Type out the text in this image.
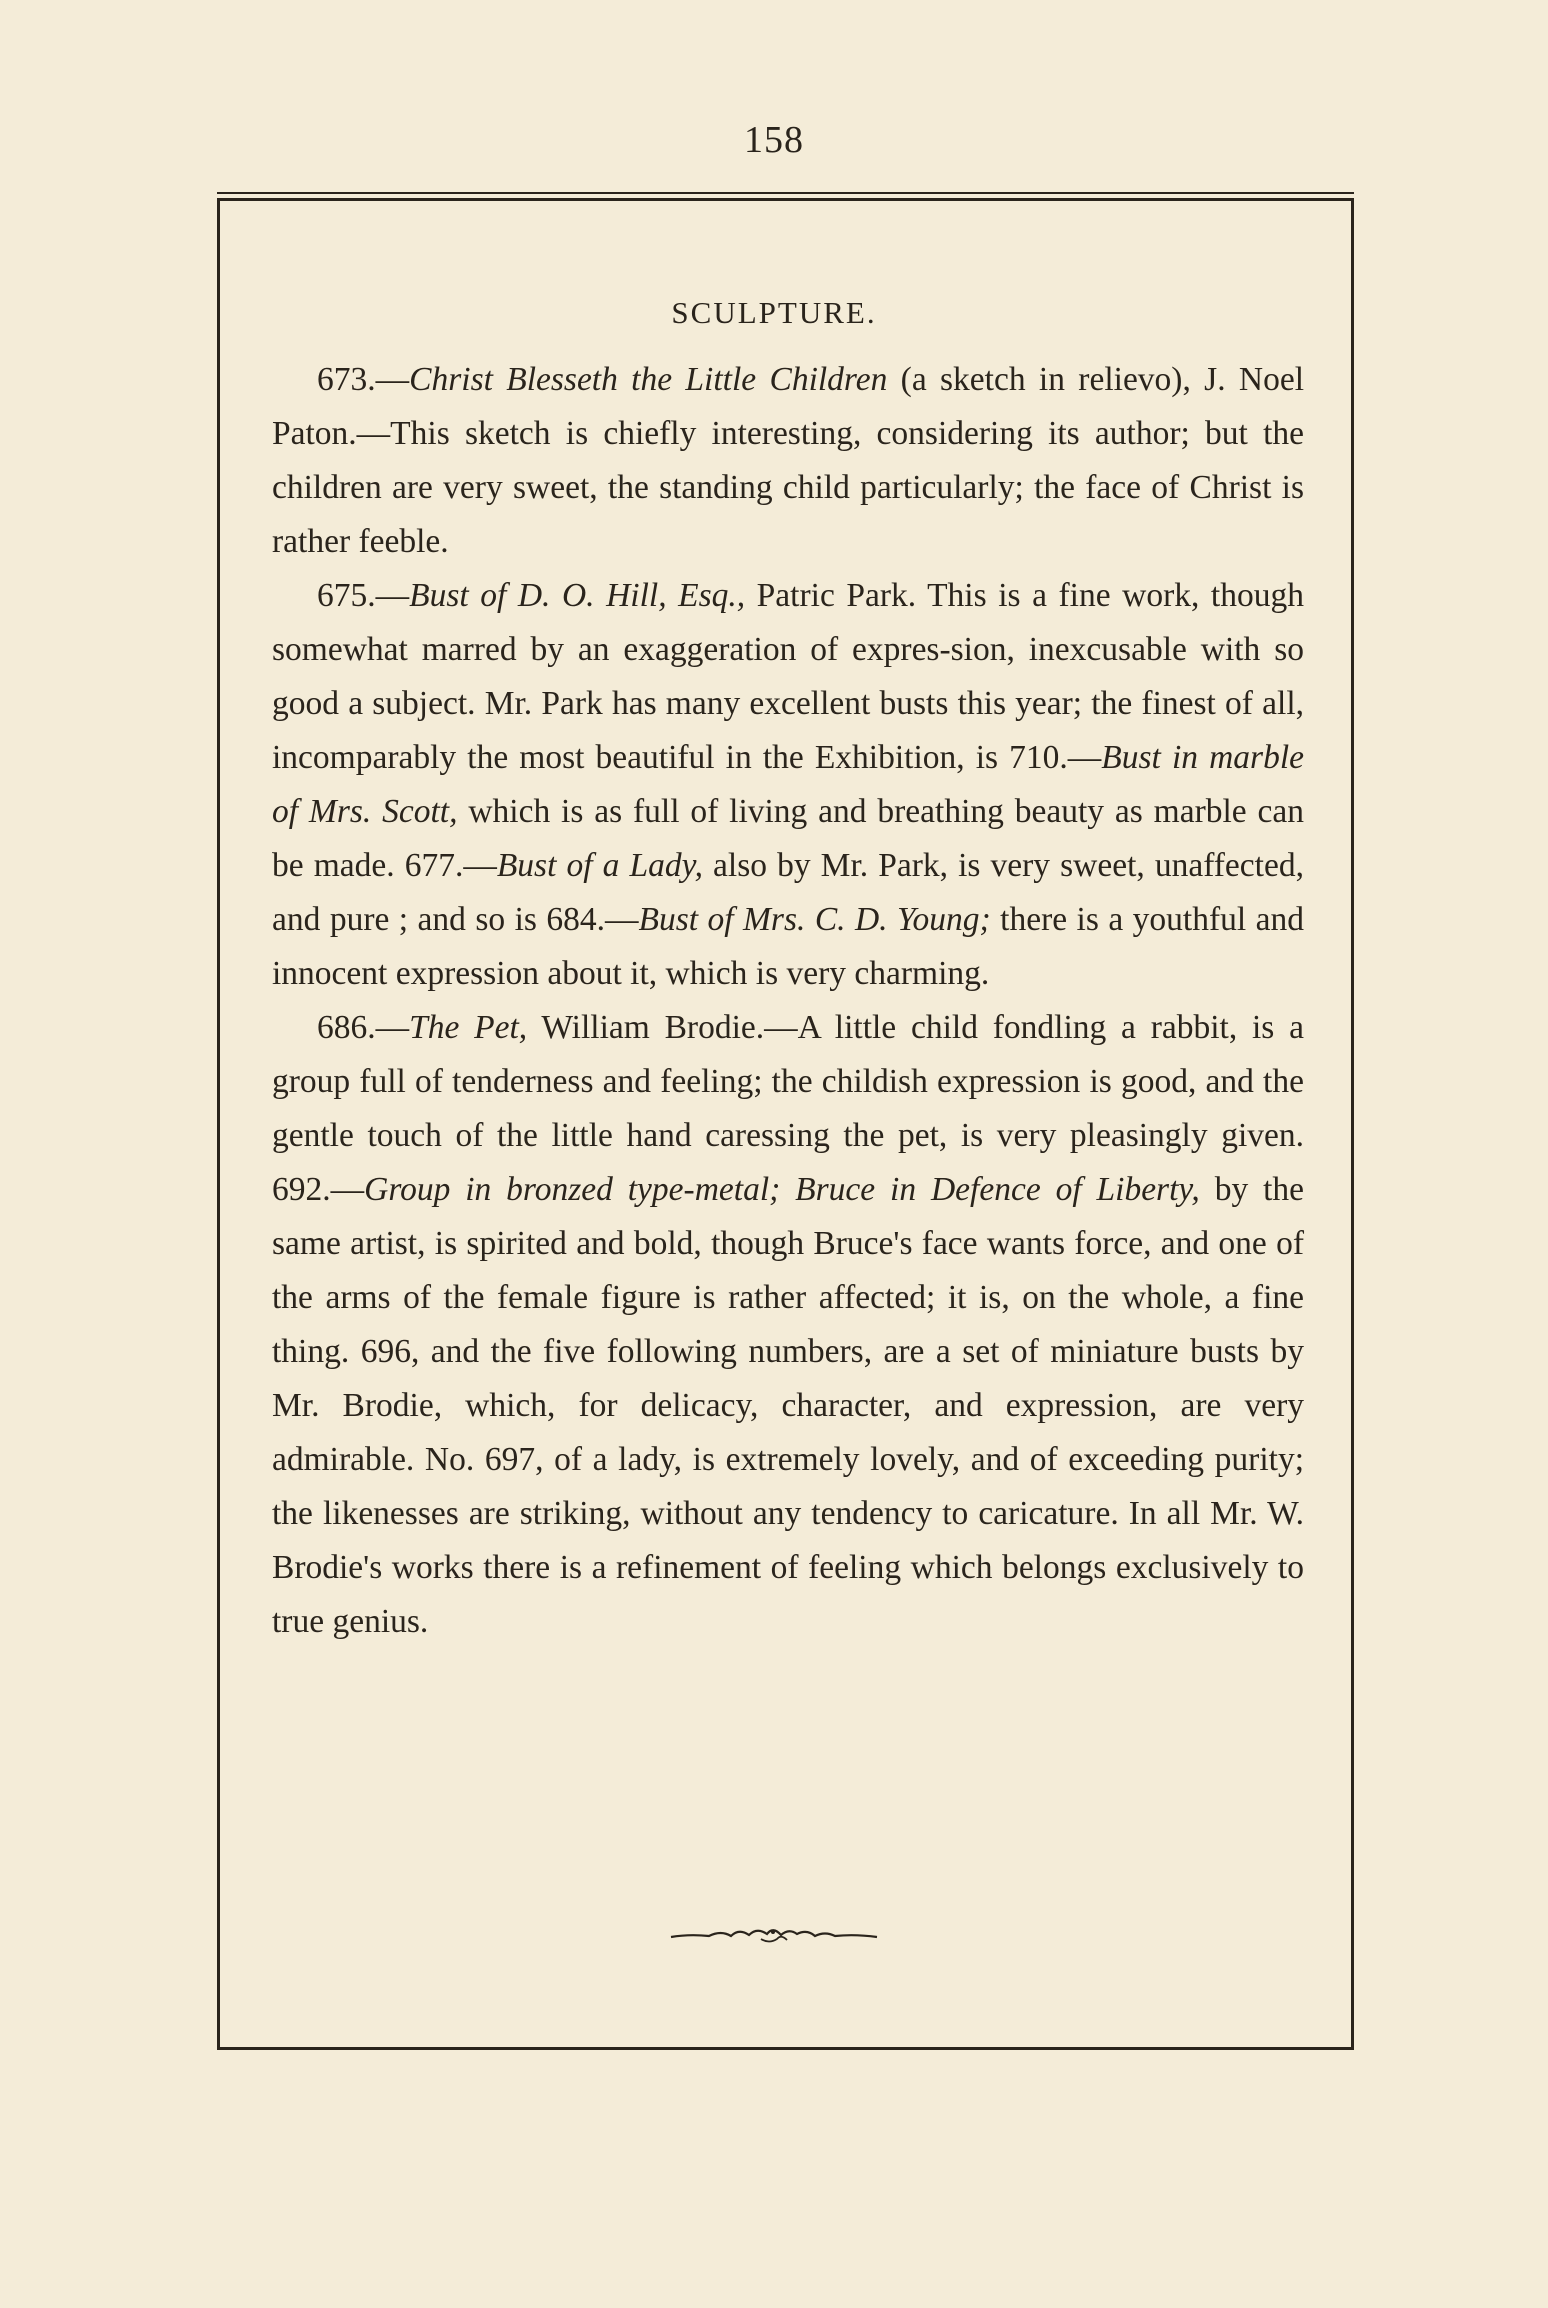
158
SCULPTURE.

673.—Christ Blesseth the Little Children (a sketch in relievo), J. Noel Paton.—This sketch is chiefly interesting, considering its author; but the children are very sweet, the standing child particularly; the face of Christ is rather feeble.

675.—Bust of D. O. Hill, Esq., Patric Park. This is a fine work, though somewhat marred by an exaggeration of expres-sion, inexcusable with so good a subject. Mr. Park has many excellent busts this year; the finest of all, incomparably the most beautiful in the Exhibition, is 710.—Bust in marble of Mrs. Scott, which is as full of living and breathing beauty as marble can be made. 677.—Bust of a Lady, also by Mr. Park, is very sweet, unaffected, and pure ; and so is 684.—Bust of Mrs. C. D. Young; there is a youthful and innocent expression about it, which is very charming.

686.—The Pet, William Brodie.—A little child fondling a rabbit, is a group full of tenderness and feeling; the childish expression is good, and the gentle touch of the little hand caressing the pet, is very pleasingly given. 692.—Group in bronzed type-metal; Bruce in Defence of Liberty, by the same artist, is spirited and bold, though Bruce's face wants force, and one of the arms of the female figure is rather affected; it is, on the whole, a fine thing. 696, and the five following numbers, are a set of miniature busts by Mr. Brodie, which, for delicacy, character, and expression, are very admirable. No. 697, of a lady, is extremely lovely, and of exceeding purity; the likenesses are striking, without any tendency to caricature. In all Mr. W. Brodie's works there is a refinement of feeling which belongs exclusively to true genius.
